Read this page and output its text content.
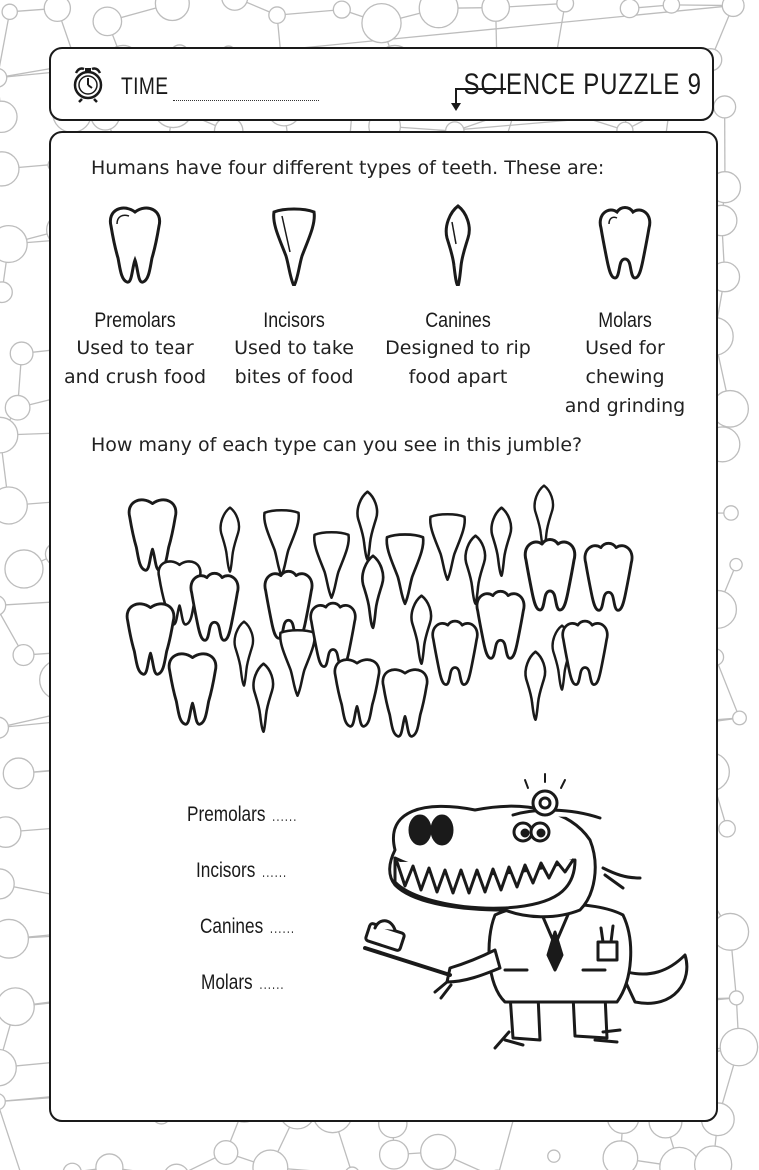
TIME	SCIENCE PUZZLE 9
Humans have four different types of teeth. These are:
Premolars
Used to tear
and crush food
Incisors
Used to take
bites of food
Canines
Designed to rip
food apart
Molars
Used for chewing
and grinding
How many of each type can you see in this jumble?
Premolars ......
Incisors ......
Canines ......
Molars ......
